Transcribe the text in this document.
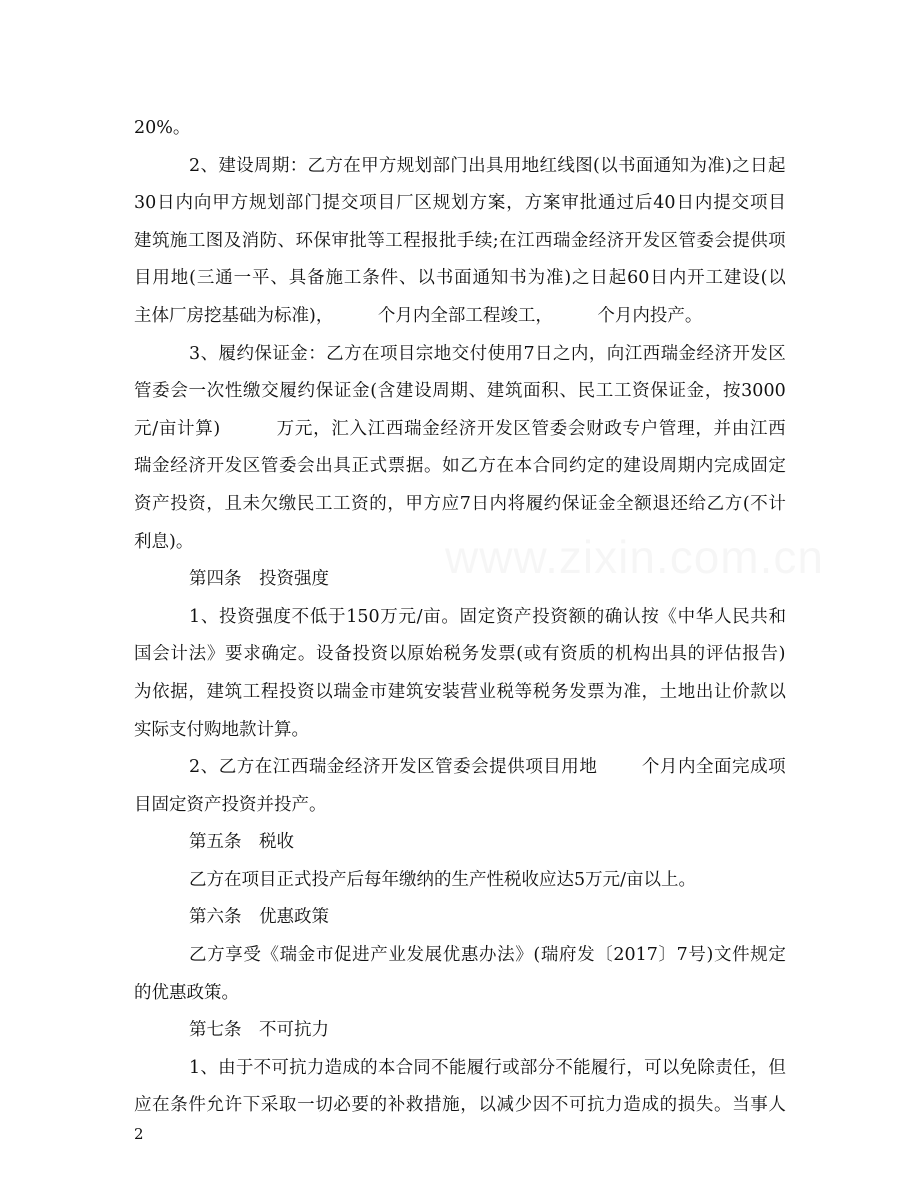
20%。
2 、 建 设 周 期 ： 乙 方 在 甲 方 规 划 部 门 出 具 用 地 红 线 图 ( 以 书 面 通 知 为 准 ) 之 日 起
30 日 内 向 甲 方 规 划 部 门 提 交 项 目 厂 区 规 划 方 案 ， 方 案 审 批 通 过 后 40 日 内 提 交 项 目
建 筑 施 工 图 及 消 防 、 环 保 审 批 等 工 程 报 批 手 续 ; 在 江 西 瑞 金 经 济 开 发 区 管 委 会 提 供 项
目 用 地 ( 三 通 一 平 、 具 备 施 工 条 件 、 以 书 面 通 知 书 为 准 ) 之 日 起 60 日 内 开 工 建 设 ( 以
主体厂房挖基础为标准)，        个月内全部工程竣工，        个月内投产。
3 、 履 约 保 证 金 ： 乙 方 在 项 目 宗 地 交 付 使 用 7 日 之 内 ， 向 江 西 瑞 金 经 济 开 发 区
管 委 会 一 次 性 缴 交 履 约 保 证 金 ( 含 建 设 周 期 、 建 筑 面 积 、 民 工 工 资 保 证 金 ， 按 3000
元 / 亩 计 算 )	万 元 ， 汇 入 江 西 瑞 金 经 济 开 发 区 管 委 会 财 政 专 户 管 理 ， 并 由 江 西
瑞 金 经 济 开 发 区 管 委 会 出 具 正 式 票 据 。 如 乙 方 在 本 合 同 约 定 的 建 设 周 期 内 完 成 固 定
资 产 投 资 ， 且 未 欠 缴 民 工 工 资 的 ， 甲 方 应 7 日 内 将 履 约 保 证 金 全 额 退 还 给 乙 方 ( 不 计
利息)。
第四条　投资强度
1 、 投 资 强 度 不 低 于 150 万 元 / 亩 。 固 定 资 产 投 资 额 的 确 认 按 《 中 华 人 民 共 和
国 会 计 法 》 要 求 确 定 。 设 备 投 资 以 原 始 税 务 发 票 ( 或 有 资 质 的 机 构 出 具 的 评 估 报 告 )
为 依 据 ， 建 筑 工 程 投 资 以 瑞 金 市 建 筑 安 装 营 业 税 等 税 务 发 票 为 准 ， 土 地 出 让 价 款 以
实际支付购地款计算。
2 、 乙 方 在 江 西 瑞 金 经 济 开 发 区 管 委 会 提 供 项 目 用 地	个 月 内 全 面 完 成 项
目固定资产投资并投产。
第五条　税收
乙方在项目正式投产后每年缴纳的生产性税收应达5万元/亩以上。
第六条　优惠政策
乙 方 享 受 《 瑞 金 市 促 进 产 业 发 展 优 惠 办 法 》 ( 瑞 府 发 〔 2017 〕 7 号 ) 文 件 规 定
的优惠政策。
第七条　不可抗力
1 、 由 于 不 可 抗 力 造 成 的 本 合 同 不 能 履 行 或 部 分 不 能 履 行 ， 可 以 免 除 责 任 ， 但
应 在 条 件 允 许 下 采 取 一 切 必 要 的 补 救 措 施 ， 以 减 少 因 不 可 抗 力 造 成 的 损 失 。 当 事 人
2
